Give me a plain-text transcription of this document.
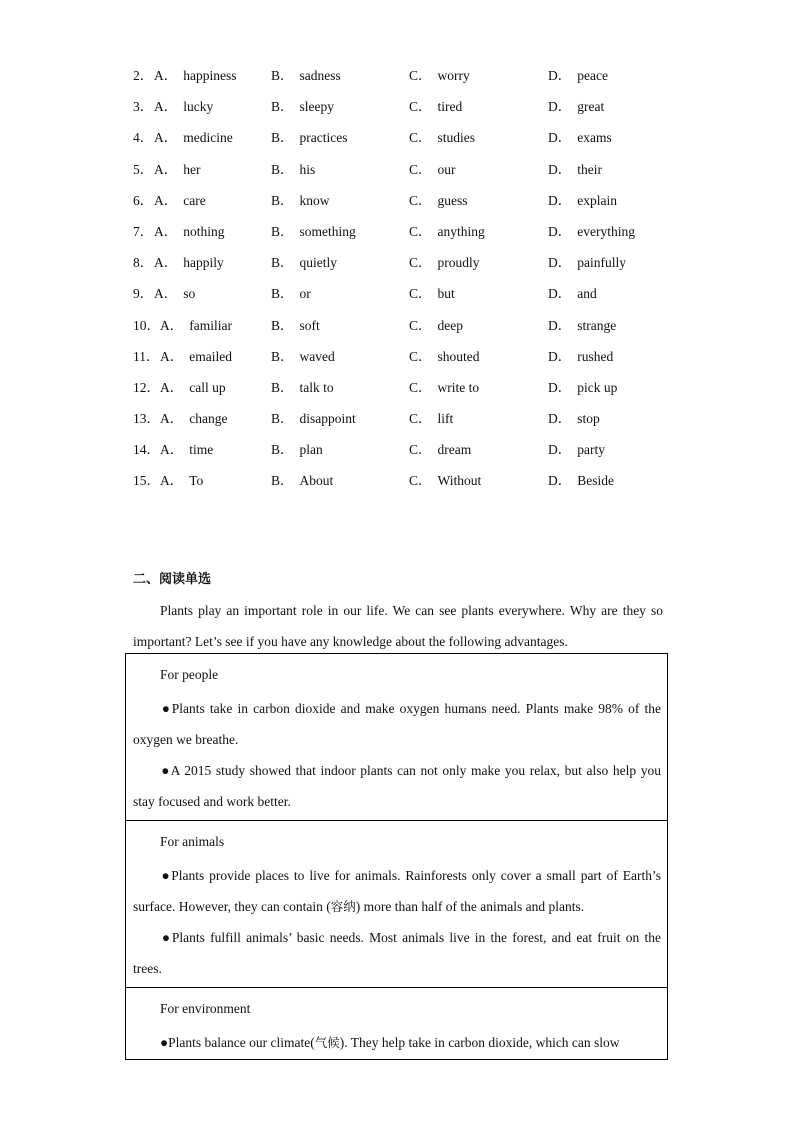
2． A． happiness	B． sadness	C． worry	D． peace
3． A． lucky	B． sleepy	C． tired	D． great
4． A． medicine	B． practices	C． studies	D． exams
5． A． her	B． his	C． our	D． their
6． A． care	B． know	C． guess	D． explain
7． A． nothing	B． something	C． anything	D． everything
8． A． happily	B． quietly	C． proudly	D． painfully
9． A． so	B． or	C． but	D． and
10． A． familiar	B． soft	C． deep	D． strange
11． A． emailed	B． waved	C． shouted	D． rushed
12． A． call up	B． talk to	C． write to	D． pick up
13． A． change	B． disappoint	C． lift	D． stop
14． A． time	B． plan	C． dream	D． party
15． A． To	B． About	C． Without	D． Beside
二、阅读单选
Plants play an important role in our life. We can see plants everywhere. Why are they so important? Let’s see if you have any knowledge about the following advantages.
For people
●Plants take in carbon dioxide and make oxygen humans need. Plants make 98% of the oxygen we breathe.
●A 2015 study showed that indoor plants can not only make you relax, but also help you stay focused and work better.
For animals
●Plants provide places to live for animals. Rainforests only cover a small part of Earth’s surface. However, they can contain (容纳) more than half of the animals and plants.
●Plants fulfill animals’ basic needs. Most animals live in the forest, and eat fruit on the trees.
For environment
●Plants balance our climate(气候). They help take in carbon dioxide, which can slow
